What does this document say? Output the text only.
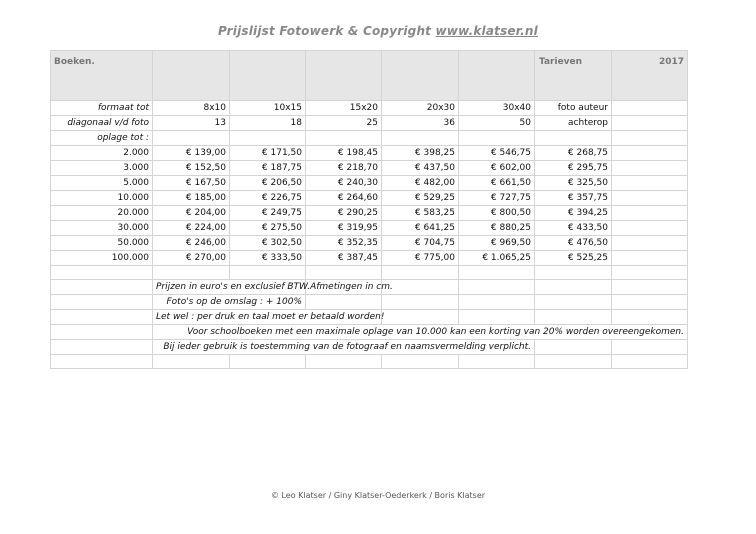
Prijslijst Fotowerk & Copyright www.klatser.nl
Boeken.						Tarieven	2017
formaat tot	8x10	10x15	15x20	20x30	30x40	foto auteur	
diagonaal v/d foto	13	18	25	36	50	achterop	
oplage tot :							
2.000	€ 139,00	€ 171,50	€ 198,45	€ 398,25	€ 546,75	€ 268,75	
3.000	€ 152,50	€ 187,75	€ 218,70	€ 437,50	€ 602,00	€ 295,75	
5.000	€ 167,50	€ 206,50	€ 240,30	€ 482,00	€ 661,50	€ 325,50	
10.000	€ 185,00	€ 226,75	€ 264,60	€ 529,25	€ 727,75	€ 357,75	
20.000	€ 204,00	€ 249,75	€ 290,25	€ 583,25	€ 800,50	€ 394,25	
30.000	€ 224,00	€ 275,50	€ 319,95	€ 641,25	€ 880,25	€ 433,50	
50.000	€ 246,00	€ 302,50	€ 352,35	€ 704,75	€ 969,50	€ 476,50	
100.000	€ 270,00	€ 333,50	€ 387,45	€ 775,00	€ 1.065,25	€ 525,25	

	Prijzen in euro's en exclusief BTW.Afmetingen in cm.						
	Foto's op de omslag : + 100%						
	Let wel : per druk en taal moet er betaald worden!						
	Voor schoolboeken met een maximale oplage van 10.000 kan een korting van 20% worden overeengekomen.						
	Bij ieder gebruik is toestemming van de fotograaf en naamsvermelding verplicht.						

© Leo Klatser / Giny Klatser-Oederkerk / Boris Klatser
